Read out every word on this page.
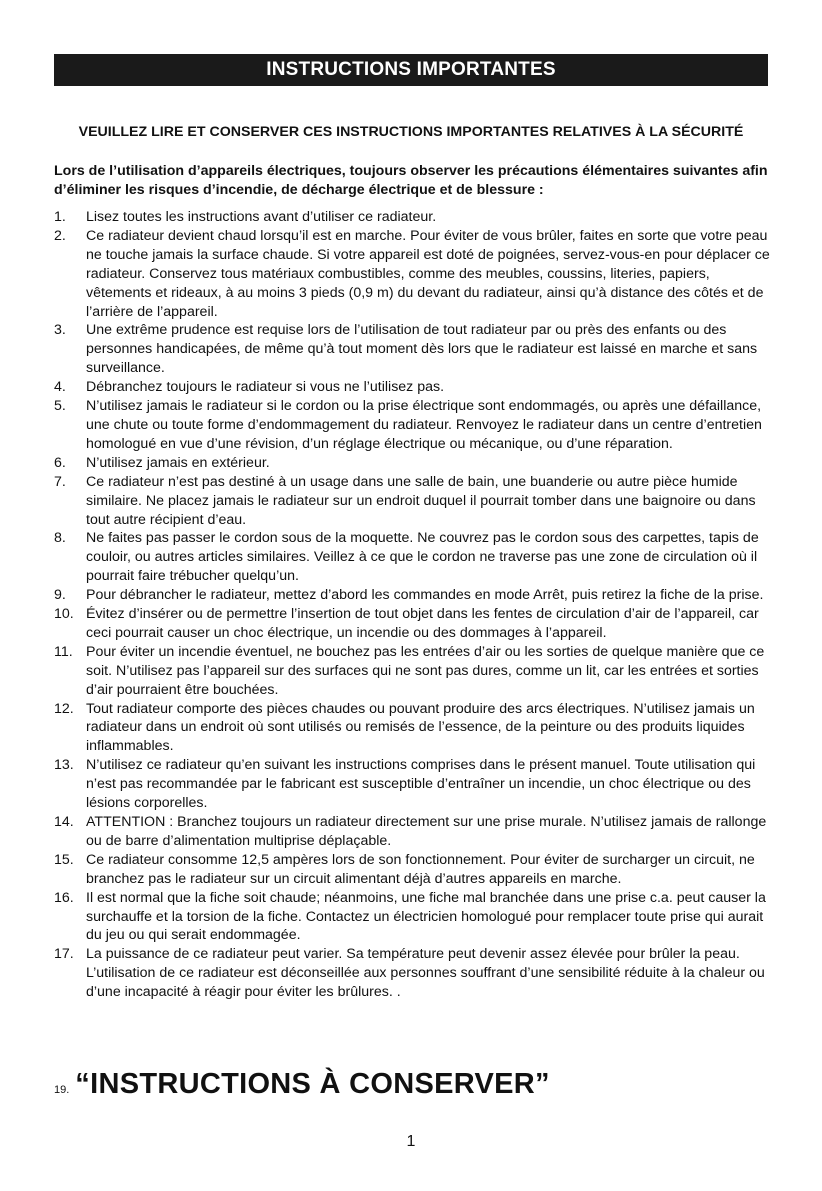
INSTRUCTIONS IMPORTANTES
VEUILLEZ LIRE ET CONSERVER CES INSTRUCTIONS IMPORTANTES RELATIVES À LA SÉCURITÉ
Lors de l’utilisation d’appareils électriques, toujours observer les précautions élémentaires suivantes afin d’éliminer les risques d’incendie, de décharge électrique et de blessure :
1. Lisez toutes les instructions avant d’utiliser ce radiateur.
2. Ce radiateur devient chaud lorsqu’il est en marche. Pour éviter de vous brûler, faites en sorte que votre peau ne touche jamais la surface chaude. Si votre appareil est doté de poignées, servez-vous-en pour déplacer ce radiateur. Conservez tous matériaux combustibles, comme des meubles, coussins, literies, papiers, vêtements et rideaux, à au moins 3 pieds (0,9 m) du devant du radiateur, ainsi qu’à distance des côtés et de l’arrière de l’appareil.
3. Une extrême prudence est requise lors de l’utilisation de tout radiateur par ou près des enfants ou des personnes handicapées, de même qu’à tout moment dès lors que le radiateur est laissé en marche et sans surveillance.
4. Débranchez toujours le radiateur si vous ne l’utilisez pas.
5. N’utilisez jamais le radiateur si le cordon ou la prise électrique sont endommagés, ou après une défaillance, une chute ou toute forme d’endommagement du radiateur. Renvoyez le radiateur dans un centre d’entretien homologué en vue d’une révision, d’un réglage électrique ou mécanique, ou d’une réparation.
6. N’utilisez jamais en extérieur.
7. Ce radiateur n’est pas destiné à un usage dans une salle de bain, une buanderie ou autre pièce humide similaire. Ne placez jamais le radiateur sur un endroit duquel il pourrait tomber dans une baignoire ou dans tout autre récipient d’eau.
8. Ne faites pas passer le cordon sous de la moquette. Ne couvrez pas le cordon sous des carpettes, tapis de couloir, ou autres articles similaires. Veillez à ce que le cordon ne traverse pas une zone de circulation où il pourrait faire trébucher quelqu’un.
9. Pour débrancher le radiateur, mettez d’abord les commandes en mode Arrêt, puis retirez la fiche de la prise.
10. Évitez d’insérer ou de permettre l’insertion de tout objet dans les fentes de circulation d’air de l’appareil, car ceci pourrait causer un choc électrique, un incendie ou des dommages à l’appareil.
11. Pour éviter un incendie éventuel, ne bouchez pas les entrées d’air ou les sorties de quelque manière que ce soit. N’utilisez pas l’appareil sur des surfaces qui ne sont pas dures, comme un lit, car les entrées et sorties d’air pourraient être bouchées.
12. Tout radiateur comporte des pièces chaudes ou pouvant produire des arcs électriques. N’utilisez jamais un radiateur dans un endroit où sont utilisés ou remisés de l’essence, de la peinture ou des produits liquides inflammables.
13. N’utilisez ce radiateur qu’en suivant les instructions comprises dans le présent manuel. Toute utilisation qui n’est pas recommandée par le fabricant est susceptible d’entraîner un incendie, un choc électrique ou des lésions corporelles.
14. ATTENTION : Branchez toujours un radiateur directement sur une prise murale. N’utilisez jamais de rallonge ou de barre d’alimentation multiprise déplaçable.
15. Ce radiateur consomme 12,5 ampères lors de son fonctionnement. Pour éviter de surcharger un circuit, ne branchez pas le radiateur sur un circuit alimentant déjà d’autres appareils en marche.
16. Il est normal que la fiche soit chaude; néanmoins, une fiche mal branchée dans une prise c.a. peut causer la surchauffe et la torsion de la fiche. Contactez un électricien homologué pour remplacer toute prise qui aurait du jeu ou qui serait endommagée.
17. La puissance de ce radiateur peut varier. Sa température peut devenir assez élevée pour brûler la peau. L’utilisation de ce radiateur est déconseillée aux personnes souffrant d’une sensibilité réduite à la chaleur ou d’une incapacité à réagir pour éviter les brûlures. .
19. “INSTRUCTIONS À CONSERVER”
1
